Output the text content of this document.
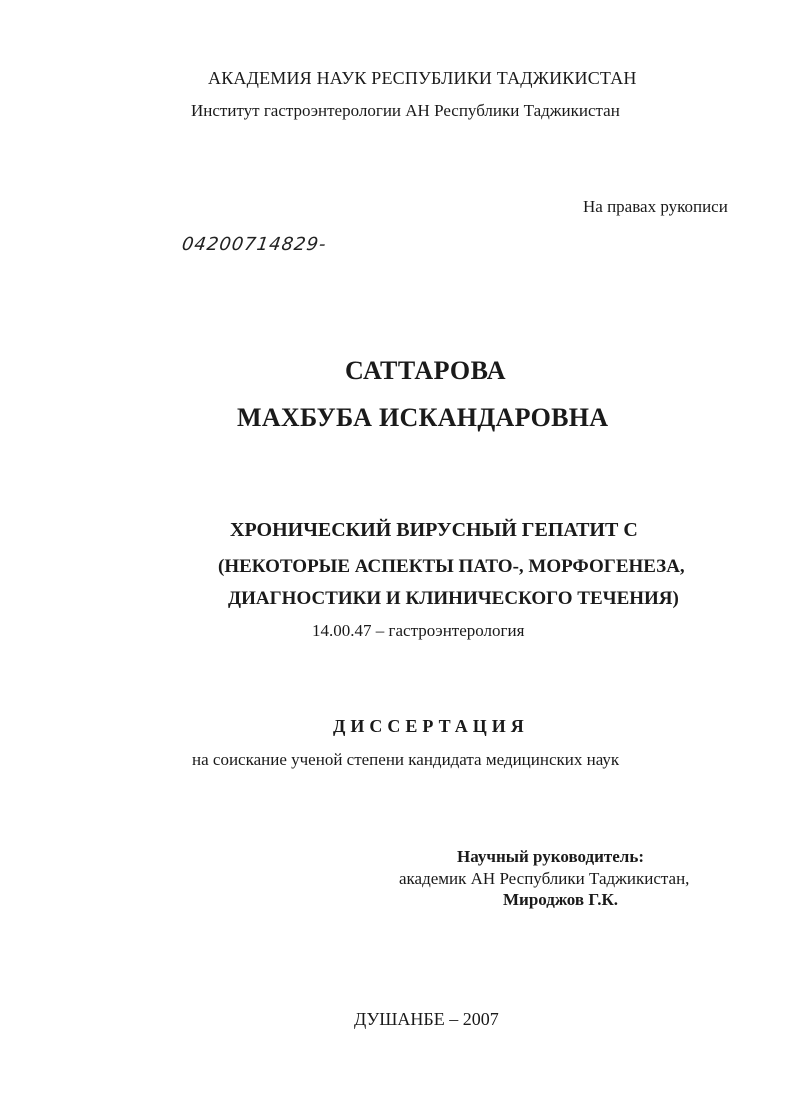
АКАДЕМИЯ НАУК РЕСПУБЛИКИ ТАДЖИКИСТАН
Институт гастроэнтерологии АН Республики Таджикистан
На правах рукописи
04200714829-
САТТАРОВА
МАХБУБА ИСКАНДАРОВНА
ХРОНИЧЕСКИЙ ВИРУСНЫЙ ГЕПАТИТ С
(НЕКОТОРЫЕ АСПЕКТЫ ПАТО-, МОРФОГЕНЕЗА,
ДИАГНОСТИКИ И КЛИНИЧЕСКОГО ТЕЧЕНИЯ)
14.00.47 – гастроэнтерология
ДИССЕРТАЦИЯ
на соискание ученой степени кандидата медицинских наук
Научный руководитель:
академик АН Республики Таджикистан,
Мироджов Г.К.
ДУШАНБЕ – 2007
